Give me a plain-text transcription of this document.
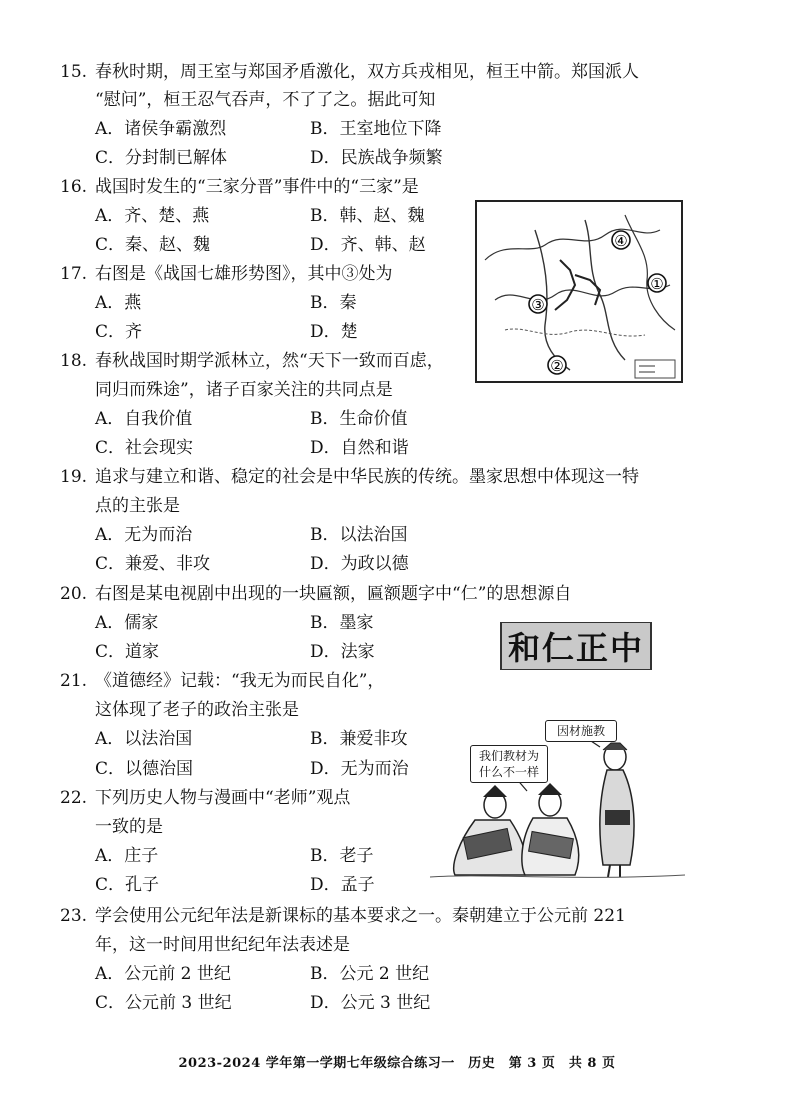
15. 春秋时期，周王室与郑国矛盾激化，双方兵戎相见，桓王中箭。郑国派人
“慰问”，桓王忍气吞声，不了了之。据此可知
A．诸侯争霸激烈	B．王室地位下降
C．分封制已解体	D．民族战争频繁
16. 战国时发生的“三家分晋”事件中的“三家”是
A．齐、楚、燕	B．韩、赵、魏
C．秦、赵、魏	D．齐、韩、赵
17. 右图是《战国七雄形势图》，其中③处为
A．燕	B．秦
C．齐	D．楚
④
①
③
②
18. 春秋战国时期学派林立，然“天下一致而百虑，
同归而殊途”，诸子百家关注的共同点是
A．自我价值	B．生命价值
C．社会现实	D．自然和谐
19. 追求与建立和谐、稳定的社会是中华民族的传统。墨家思想中体现这一特
点的主张是
A．无为而治	B．以法治国
C．兼爱、非攻	D．为政以德
20. 右图是某电视剧中出现的一块匾额，匾额题字中“仁”的思想源自
A．儒家	B．墨家
C．道家	D．法家	和仁正中
21. 《道德经》记载：“我无为而民自化”，
这体现了老子的政治主张是
A．以法治国	B．兼爱非攻
C．以德治国	D．无为而治
22. 下列历史人物与漫画中“老师”观点
一致的是
A．庄子	B．老子
C．孔子	D．孟子
因材施教
我们教材为
什么不一样
23. 学会使用公元纪年法是新课标的基本要求之一。秦朝建立于公元前 221
年，这一时间用世纪纪年法表述是
A．公元前 2 世纪	B．公元 2 世纪
C．公元前 3 世纪	D．公元 3 世纪
2023-2024 学年第一学期七年级综合练习一　历史　第 3 页　共 8 页
